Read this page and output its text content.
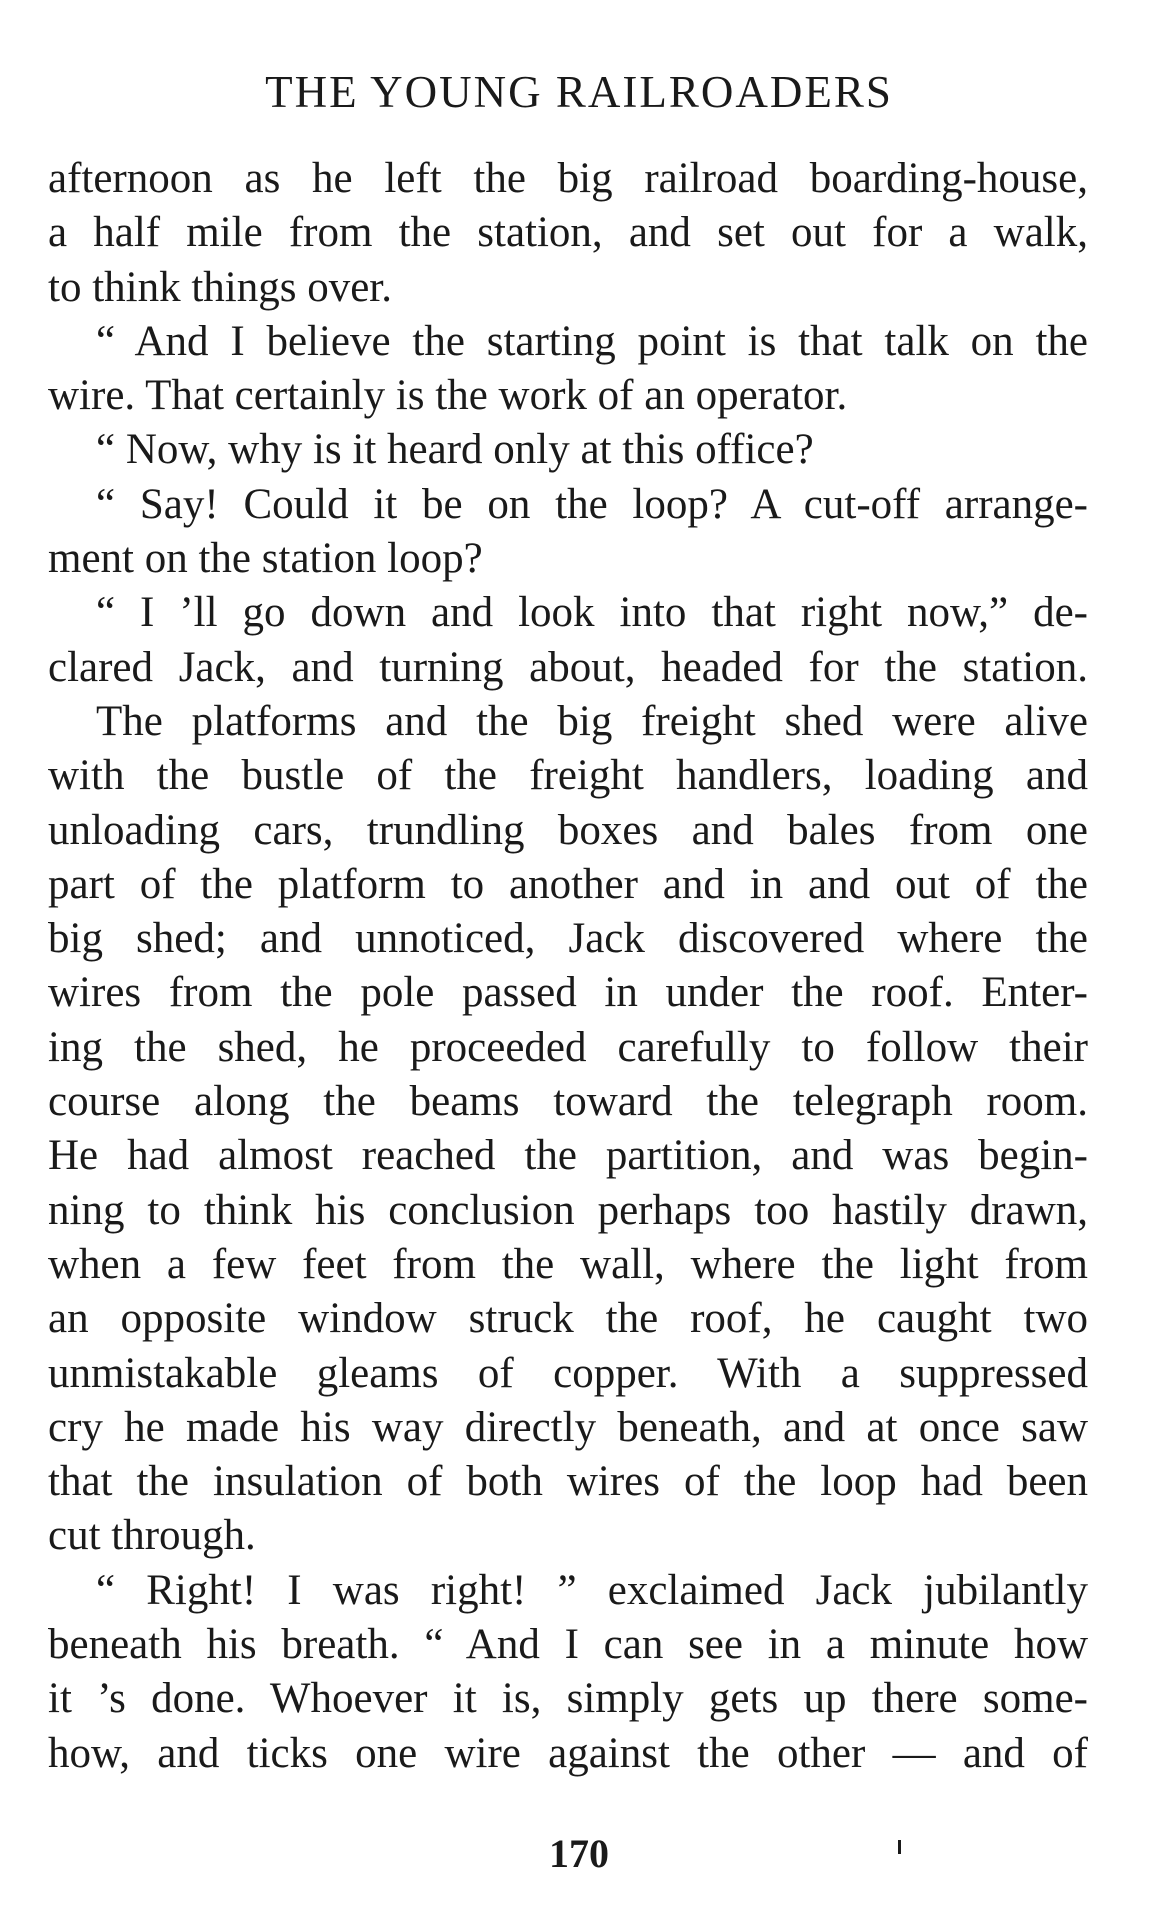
THE YOUNG RAILROADERS
afternoon as he left the big railroad boarding-house,
a half mile from the station, and set out for a walk,
to think things over.
“ And I believe the starting point is that talk on the
wire. That certainly is the work of an operator.
“ Now, why is it heard only at this office?
“ Say! Could it be on the loop? A cut-off arrange-
ment on the station loop?
“ I ’ll go down and look into that right now,” de-
clared Jack, and turning about, headed for the station.
The platforms and the big freight shed were alive
with the bustle of the freight handlers, loading and
unloading cars, trundling boxes and bales from one
part of the platform to another and in and out of the
big shed; and unnoticed, Jack discovered where the
wires from the pole passed in under the roof. Enter-
ing the shed, he proceeded carefully to follow their
course along the beams toward the telegraph room.
He had almost reached the partition, and was begin-
ning to think his conclusion perhaps too hastily drawn,
when a few feet from the wall, where the light from
an opposite window struck the roof, he caught two
unmistakable gleams of copper. With a suppressed
cry he made his way directly beneath, and at once saw
that the insulation of both wires of the loop had been
cut through.
“ Right! I was right! ” exclaimed Jack jubilantly
beneath his breath. “ And I can see in a minute how
it ’s done. Whoever it is, simply gets up there some-
how, and ticks one wire against the other — and of
170
